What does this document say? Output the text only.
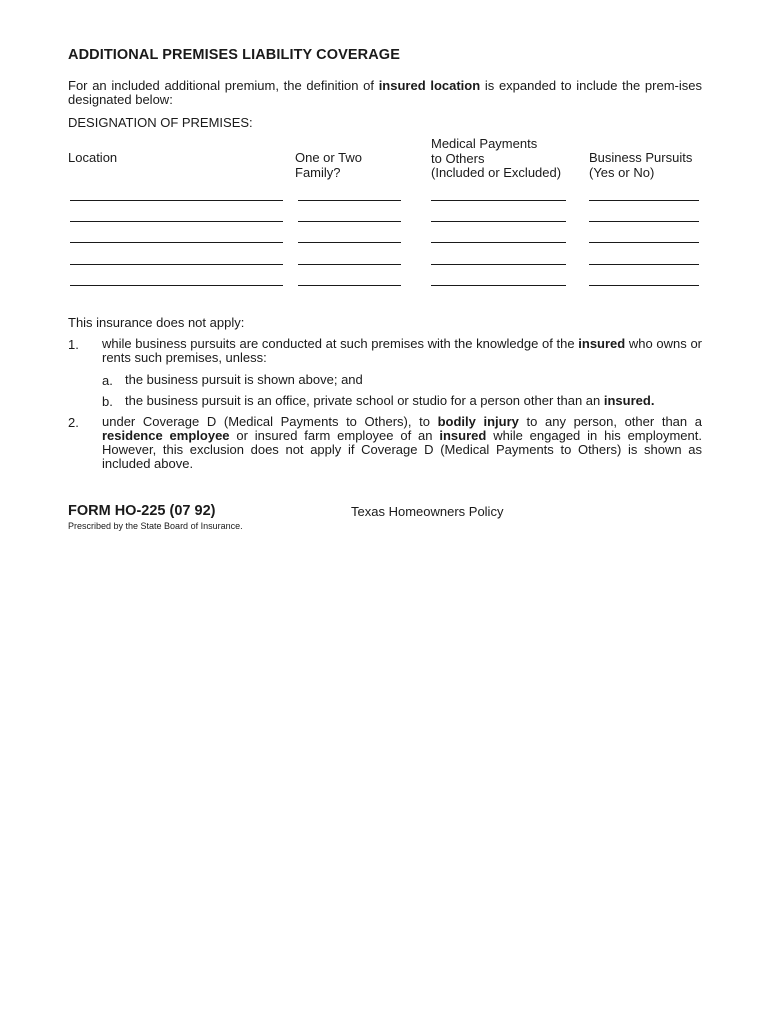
ADDITIONAL PREMISES LIABILITY COVERAGE
For an included additional premium, the definition of insured location is expanded to include the prem-ises designated below:
DESIGNATION OF PREMISES:
Location	One or Two
Family?
Medical Payments
to Others
(Included or Excluded)
Business Pursuits
(Yes or No)
This insurance does not apply:
1. while business pursuits are conducted at such premises with the knowledge of the insured who owns or rents such premises, unless:
a. the business pursuit is shown above; and
b. the business pursuit is an office, private school or studio for a person other than an insured.
2. under Coverage D (Medical Payments to Others), to bodily injury to any person, other than a residence employee or insured farm employee of an insured while engaged in his employment. However, this exclusion does not apply if Coverage D (Medical Payments to Others) is shown as included above.
FORM HO-225 (07 92)
Prescribed by the State Board of Insurance.
Texas Homeowners Policy
